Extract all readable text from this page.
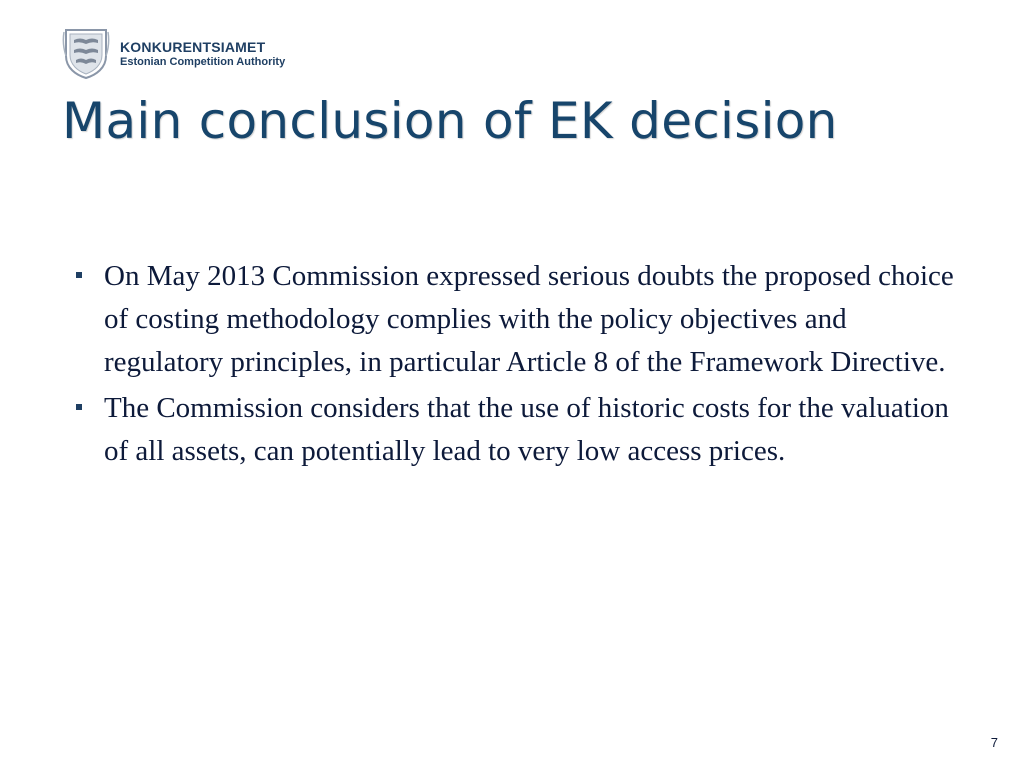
KONKURENTSIAMET
Estonian Competition Authority
Main conclusion of EK decision
On May 2013 Commission expressed serious doubts the proposed choice of costing methodology complies with the policy objectives and regulatory principles, in particular Article 8 of the Framework Directive.
The Commission considers that the use of historic costs for the valuation of all assets, can potentially lead to very low access prices.
7
